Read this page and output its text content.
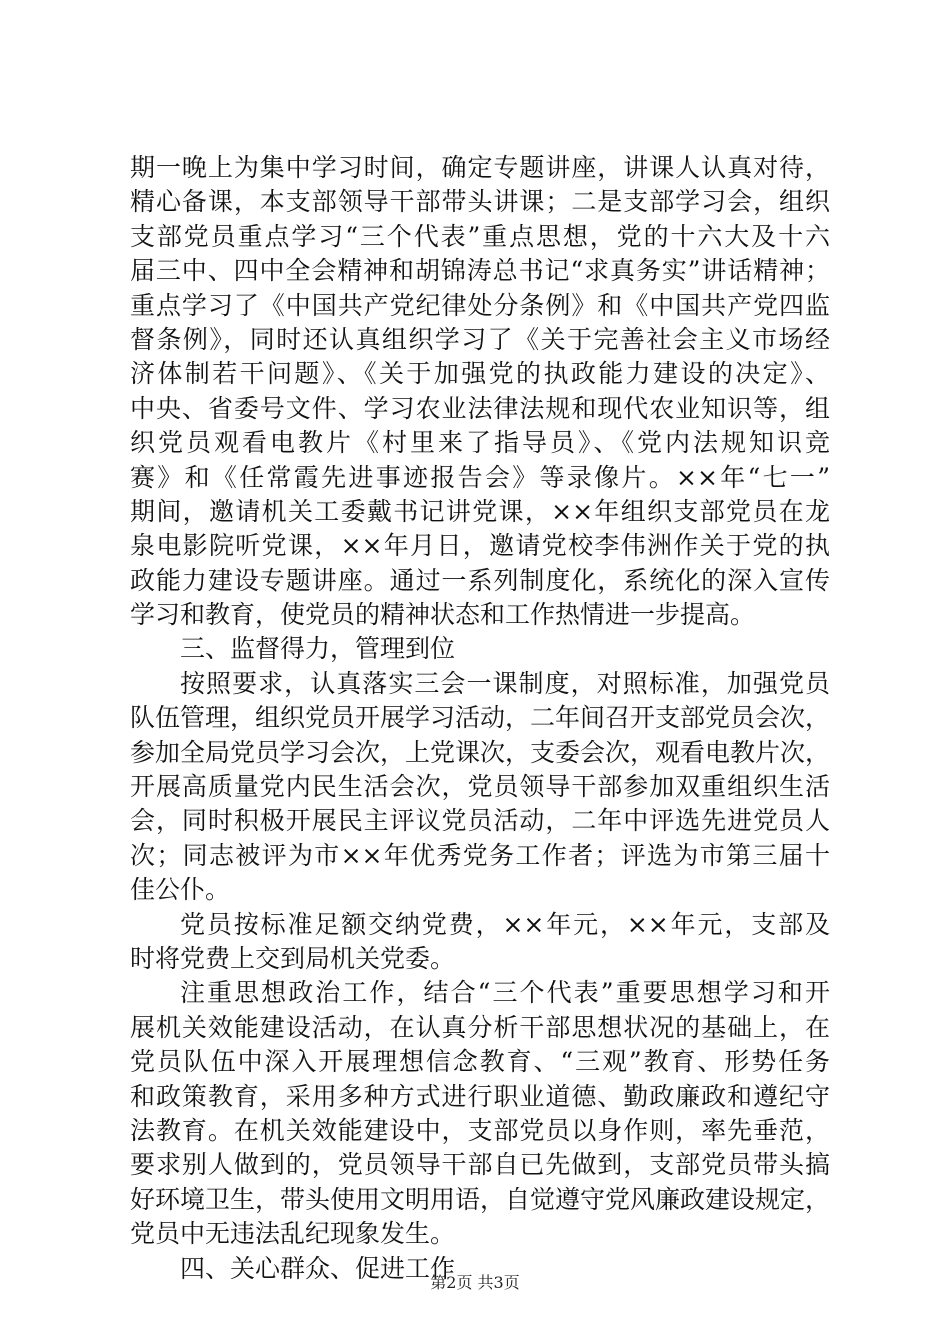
期一晚上为集中学习时间，确定专题讲座，讲课人认真对待，
精心备课，本支部领导干部带头讲课；二是支部学习会，组织
支部党员重点学习“三个代表”重点思想，党的十六大及十六
届三中、四中全会精神和胡锦涛总书记“求真务实”讲话精神；
重点学习了《中国共产党纪律处分条例》和《中国共产党四监
督条例》，同时还认真组织学习了《关于完善社会主义市场经
济体制若干问题》、《关于加强党的执政能力建设的决定》、
中央、省委号文件、学习农业法律法规和现代农业知识等，组
织党员观看电教片《村里来了指导员》、《党内法规知识竞
赛》和《任常霞先进事迹报告会》等录像片。××年“七一”
期间，邀请机关工委戴书记讲党课，××年组织支部党员在龙
泉电影院听党课，××年月日，邀请党校李伟洲作关于党的执
政能力建设专题讲座。通过一系列制度化，系统化的深入宣传
学习和教育，使党员的精神状态和工作热情进一步提高。
三、监督得力，管理到位
按照要求，认真落实三会一课制度，对照标准，加强党员
队伍管理，组织党员开展学习活动，二年间召开支部党员会次，
参加全局党员学习会次，上党课次，支委会次，观看电教片次，
开展高质量党内民生活会次，党员领导干部参加双重组织生活
会，同时积极开展民主评议党员活动，二年中评选先进党员人
次；同志被评为市××年优秀党务工作者；评选为市第三届十
佳公仆。
党员按标准足额交纳党费，××年元，××年元，支部及
时将党费上交到局机关党委。
注重思想政治工作，结合“三个代表”重要思想学习和开
展机关效能建设活动，在认真分析干部思想状况的基础上，在
党员队伍中深入开展理想信念教育、“三观”教育、形势任务
和政策教育，采用多种方式进行职业道德、勤政廉政和遵纪守
法教育。在机关效能建设中，支部党员以身作则，率先垂范，
要求别人做到的，党员领导干部自已先做到，支部党员带头搞
好环境卫生，带头使用文明用语，自觉遵守党风廉政建设规定，
党员中无违法乱纪现象发生。
四、关心群众、促进工作
第2页 共3页
